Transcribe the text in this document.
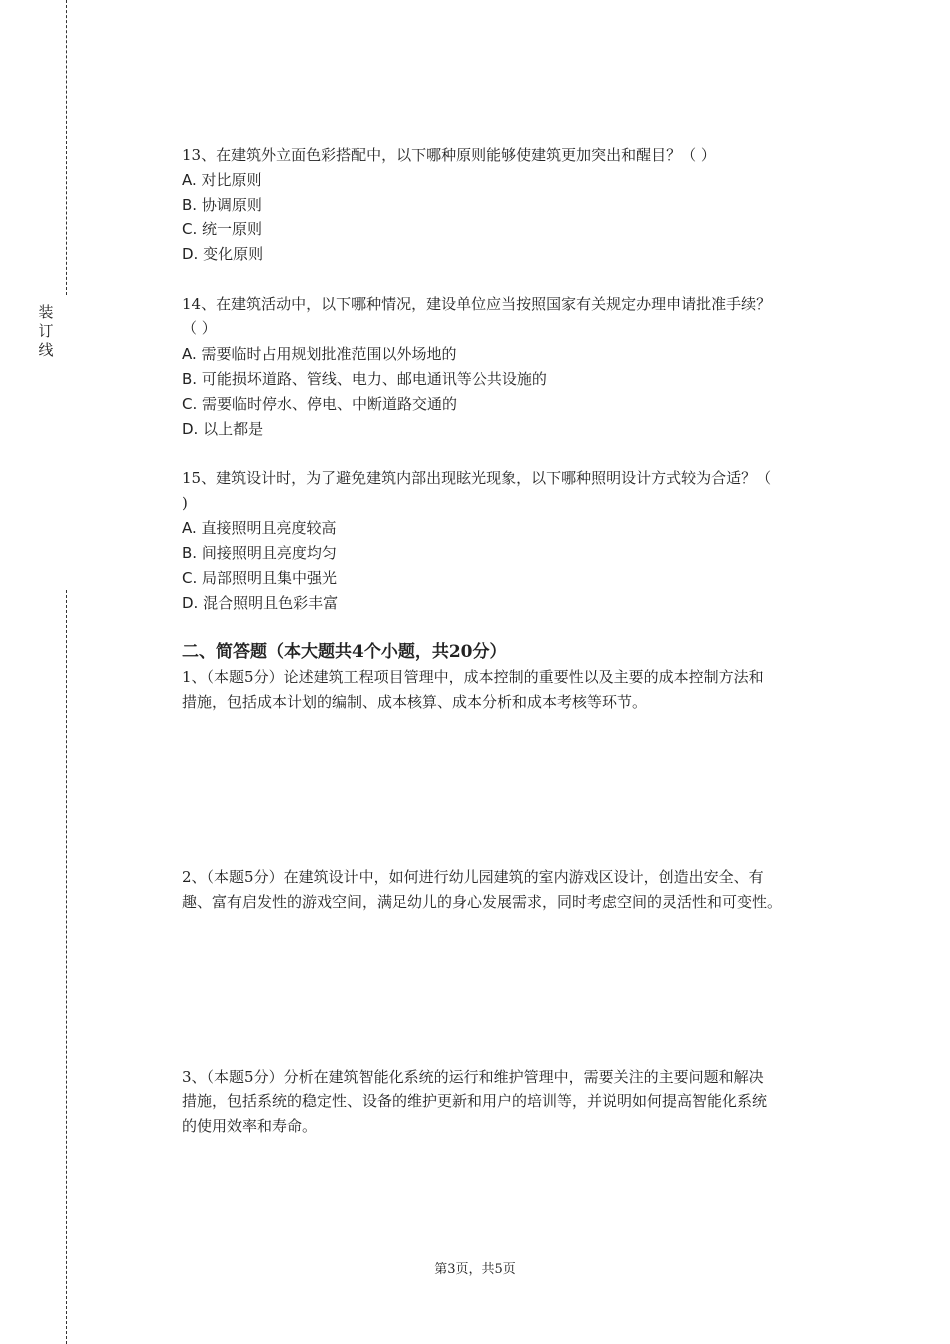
装订线
13、在建筑外立面色彩搭配中，以下哪种原则能够使建筑更加突出和醒目？（ ）
A. 对比原则
B. 协调原则
C. 统一原则
D. 变化原则
14、在建筑活动中，以下哪种情况，建设单位应当按照国家有关规定办理申请批准手续？
（ ）
A. 需要临时占用规划批准范围以外场地的
B. 可能损坏道路、管线、电力、邮电通讯等公共设施的
C. 需要临时停水、停电、中断道路交通的
D. 以上都是
15、建筑设计时，为了避免建筑内部出现眩光现象，以下哪种照明设计方式较为合适？（
)
A. 直接照明且亮度较高
B. 间接照明且亮度均匀
C. 局部照明且集中强光
D. 混合照明且色彩丰富
二、简答题（本大题共4个小题，共20分）
1、（本题5分）论述建筑工程项目管理中，成本控制的重要性以及主要的成本控制方法和
措施，包括成本计划的编制、成本核算、成本分析和成本考核等环节。
2、（本题5分）在建筑设计中，如何进行幼儿园建筑的室内游戏区设计，创造出安全、有
趣、富有启发性的游戏空间，满足幼儿的身心发展需求，同时考虑空间的灵活性和可变性。
3、（本题5分）分析在建筑智能化系统的运行和维护管理中，需要关注的主要问题和解决
措施，包括系统的稳定性、设备的维护更新和用户的培训等，并说明如何提高智能化系统
的使用效率和寿命。
第3页，共5页
